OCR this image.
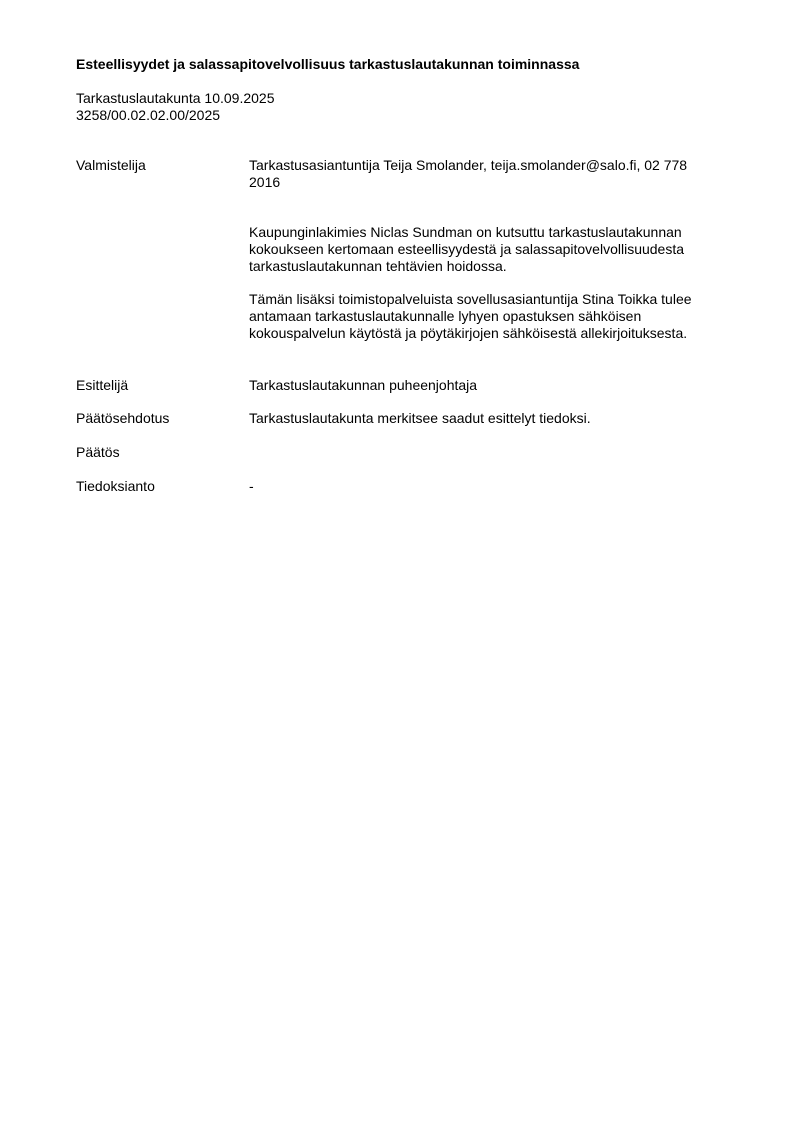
Esteellisyydet ja salassapitovelvollisuus tarkastuslautakunnan toiminnassa
Tarkastuslautakunta 10.09.2025
3258/00.02.02.00/2025
Valmistelija	Tarkastusasiantuntija Teija Smolander, teija.smolander@salo.fi, 02 778 2016

Kaupunginlakimies Niclas Sundman on kutsuttu tarkastuslautakunnan kokoukseen kertomaan esteellisyydestä ja salassapitovelvollisuudesta tarkastuslautakunnan tehtävien hoidossa.

Tämän lisäksi toimistopalveluista sovellusasiantuntija Stina Toikka tulee antamaan tarkastuslautakunnalle lyhyen opastuksen sähköisen kokouspalvelun käytöstä ja pöytäkirjojen sähköisestä allekirjoituksesta.

Esittelijä	Tarkastuslautakunnan puheenjohtaja
Päätösehdotus	Tarkastuslautakunta merkitsee saadut esittelyt tiedoksi.
Päätös
Tiedoksianto	-
